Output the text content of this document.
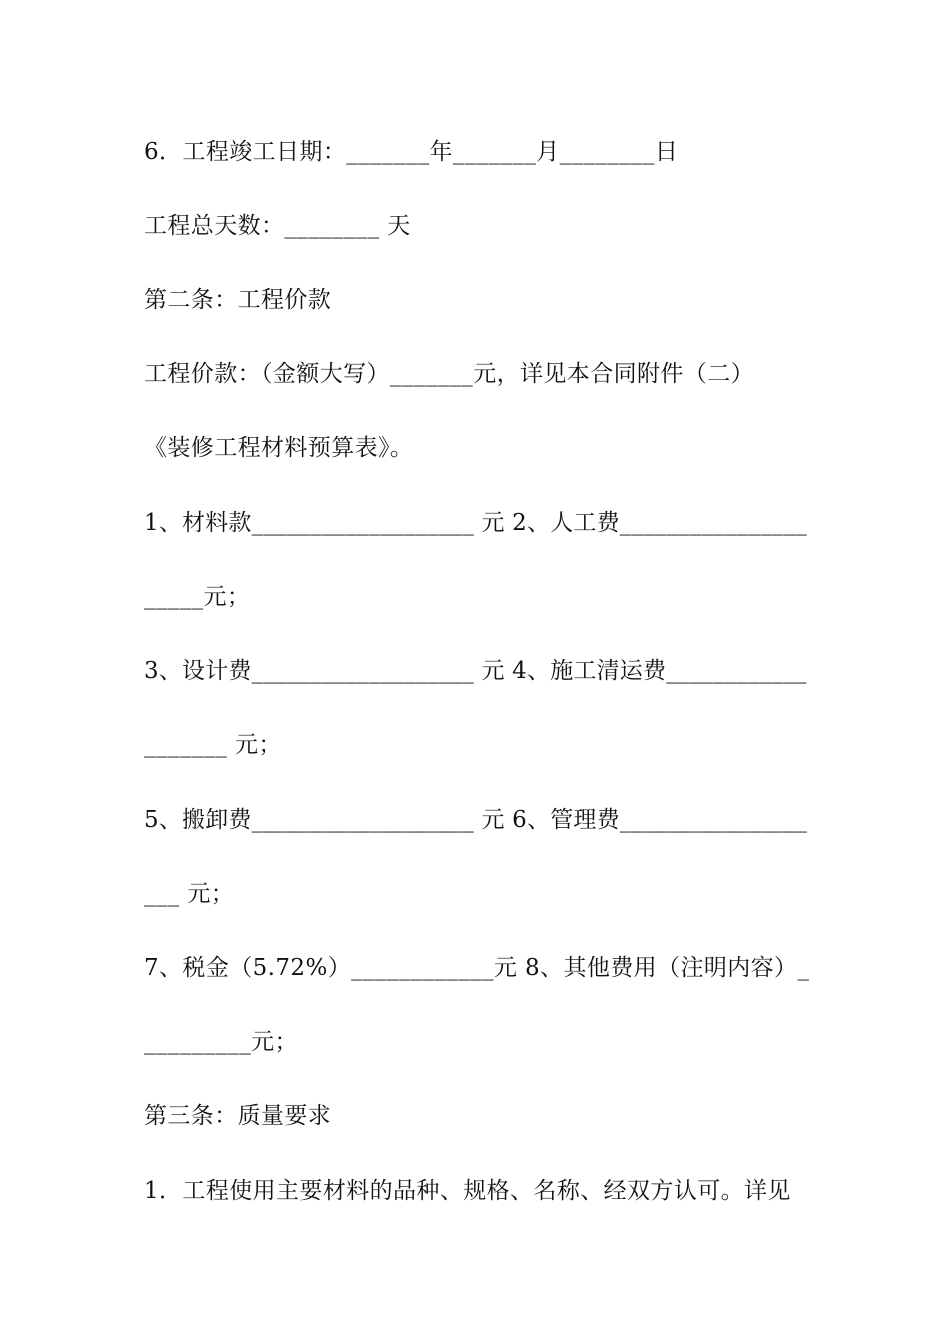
6．工程竣工日期：_______年_______月________日
工程总天数：________ 天
第二条：工程价款
工程价款：（金额大写）_______元，详见本合同附件（二）
《装修工程材料预算表》。
1、材料款___________________ 元 2、人工费________________
_____元；
3、设计费___________________ 元 4、施工清运费____________
_______ 元；
5、搬卸费___________________ 元 6、管理费________________
___ 元；
7、税金（5.72%）____________元 8、其他费用（注明内容）_
_________元；
第三条：质量要求
1．工程使用主要材料的品种、规格、名称、经双方认可。详见
